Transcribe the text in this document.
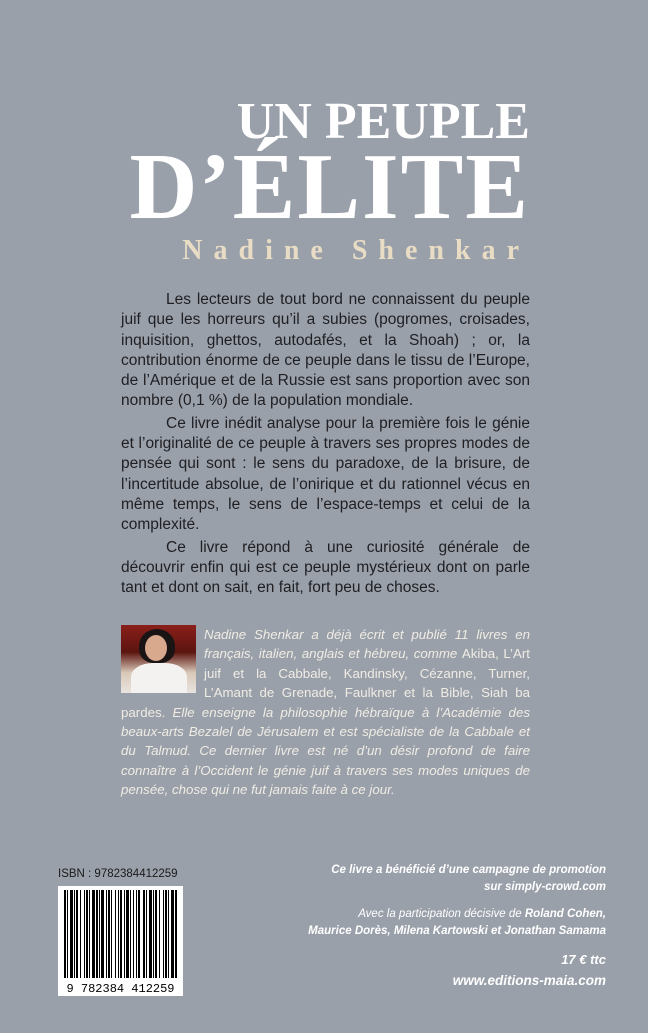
UN PEUPLE
D’ÉLITE
Nadine Shenkar

Les lecteurs de tout bord ne connaissent du peuple juif que les horreurs qu’il a subies (pogromes, croisades, inquisition, ghettos, autodafés, et la Shoah) ; or, la contribution énorme de ce peuple dans le tissu de l’Europe, de l’Amérique et de la Russie est sans proportion avec son nombre (0,1 %) de la population mondiale.

Ce livre inédit analyse pour la première fois le génie et l’originalité de ce peuple à travers ses propres modes de pensée qui sont : le sens du paradoxe, de la brisure, de l’incertitude absolue, de l’onirique et du rationnel vécus en même temps, le sens de l’espace-temps et celui de la complexité.

Ce livre répond à une curiosité générale de découvrir enfin qui est ce peuple mystérieux dont on parle tant et dont on sait, en fait, fort peu de choses.

Nadine Shenkar a déjà écrit et publié 11 livres en français, italien, anglais et hébreu, comme Akiba, L’Art juif et la Cabbale, Kandinsky, Cézanne, Turner, L’Amant de Grenade, Faulkner et la Bible, Siah ba pardes. Elle enseigne la philosophie hébraïque à l’Académie des beaux-arts Bezalel de Jérusalem et est spécialiste de la Cabbale et du Talmud. Ce dernier livre est né d’un désir profond de faire connaître à l’Occident le génie juif à travers ses modes uniques de pensée, chose qui ne fut jamais faite à ce jour.
ISBN : 9782384412259
9 782384 412259
Ce livre a bénéficié d’une campagne de promotion
sur simply-crowd.com
Avec la participation décisive de Roland Cohen,
Maurice Dorès, Milena Kartowski et Jonathan Samama
17 € ttc
www.editions-maia.com
